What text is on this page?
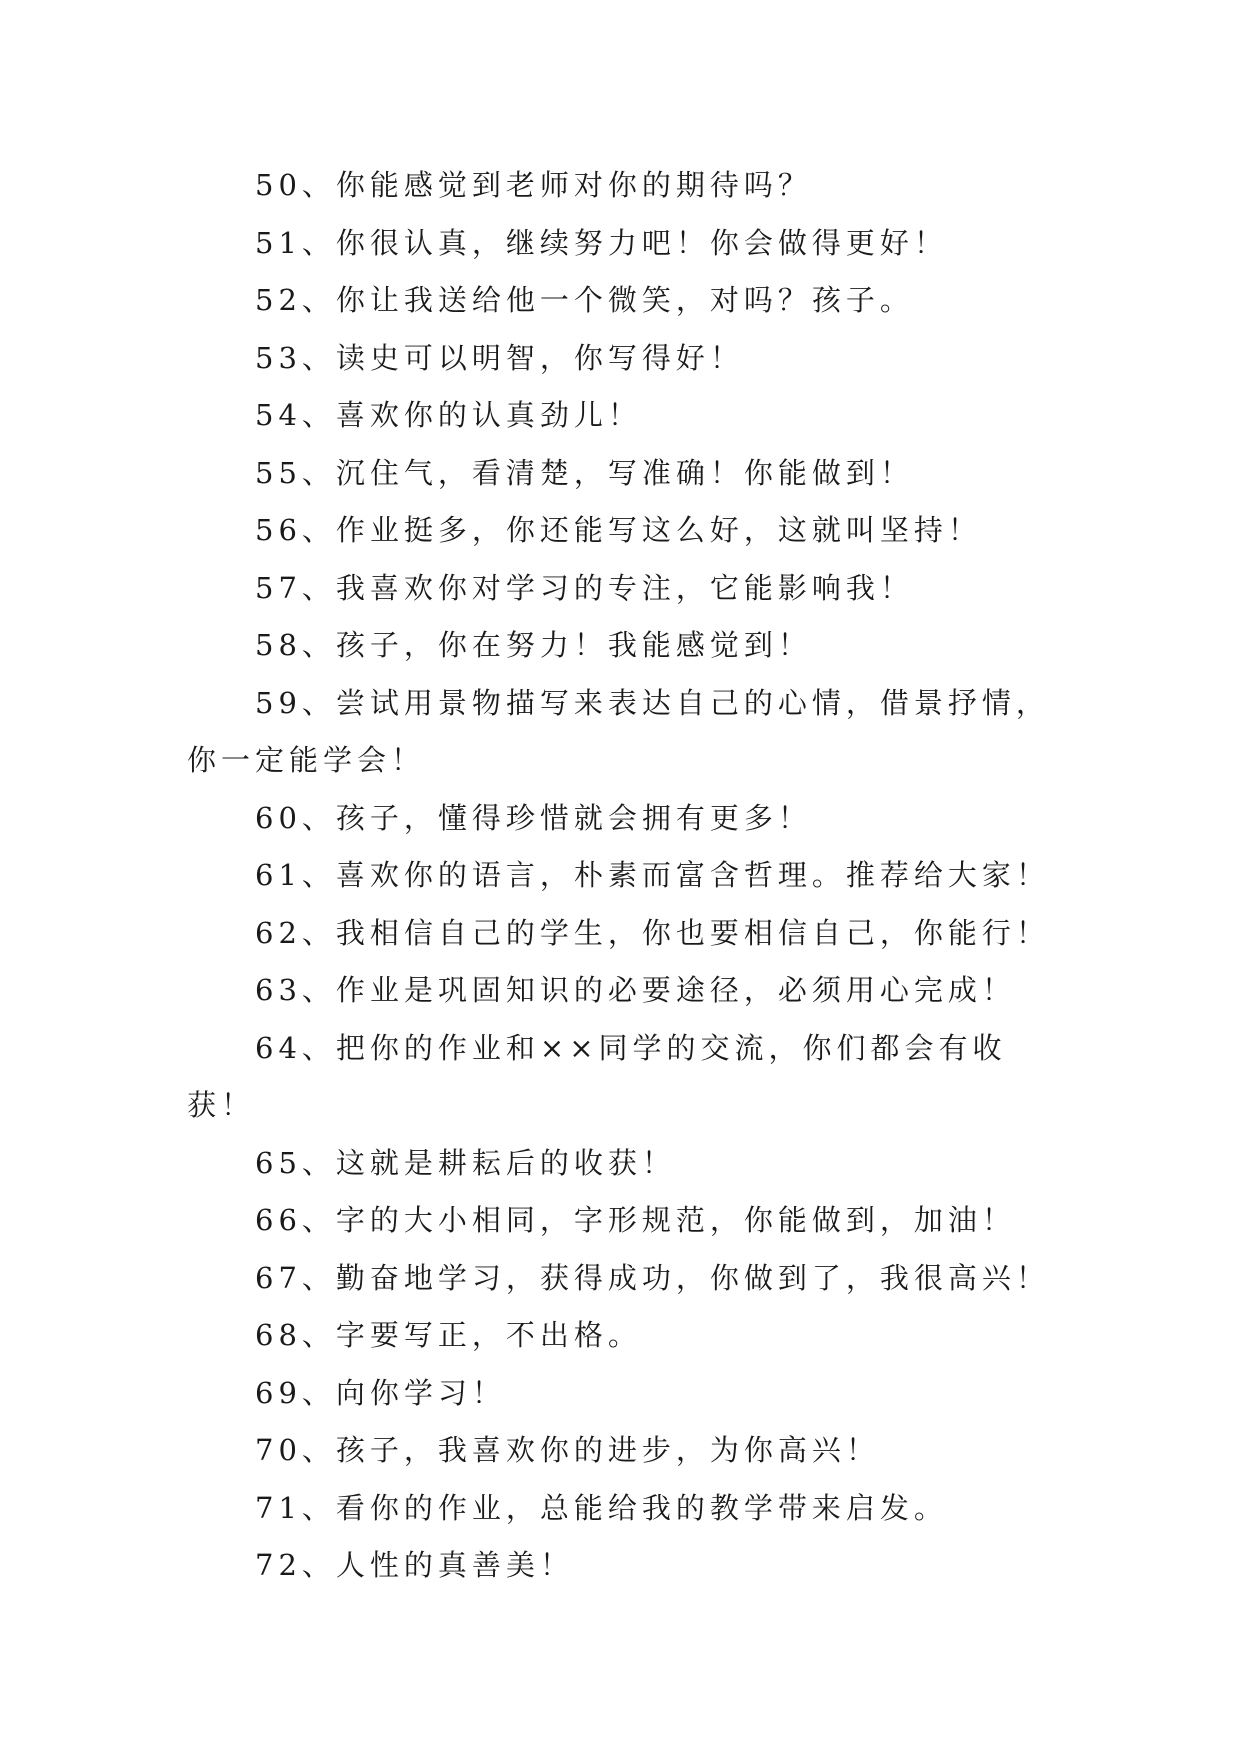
50、你能感觉到老师对你的期待吗？

51、你很认真，继续努力吧！你会做得更好！

52、你让我送给他一个微笑，对吗？孩子。

53、读史可以明智，你写得好！

54、喜欢你的认真劲儿！

55、沉住气，看清楚，写准确！你能做到！

56、作业挺多，你还能写这么好，这就叫坚持！

57、我喜欢你对学习的专注，它能影响我！

58、孩子，你在努力！我能感觉到！

59、尝试用景物描写来表达自己的心情，借景抒情，你一定能学会！

60、孩子，懂得珍惜就会拥有更多！

61、喜欢你的语言，朴素而富含哲理。推荐给大家！

62、我相信自己的学生，你也要相信自己，你能行！

63、作业是巩固知识的必要途径，必须用心完成！

64、把你的作业和××同学的交流，你们都会有收获！

65、这就是耕耘后的收获！

66、字的大小相同，字形规范，你能做到，加油！

67、勤奋地学习，获得成功，你做到了，我很高兴！

68、字要写正，不出格。

69、向你学习！

70、孩子，我喜欢你的进步，为你高兴！

71、看你的作业，总能给我的教学带来启发。

72、人性的真善美！
